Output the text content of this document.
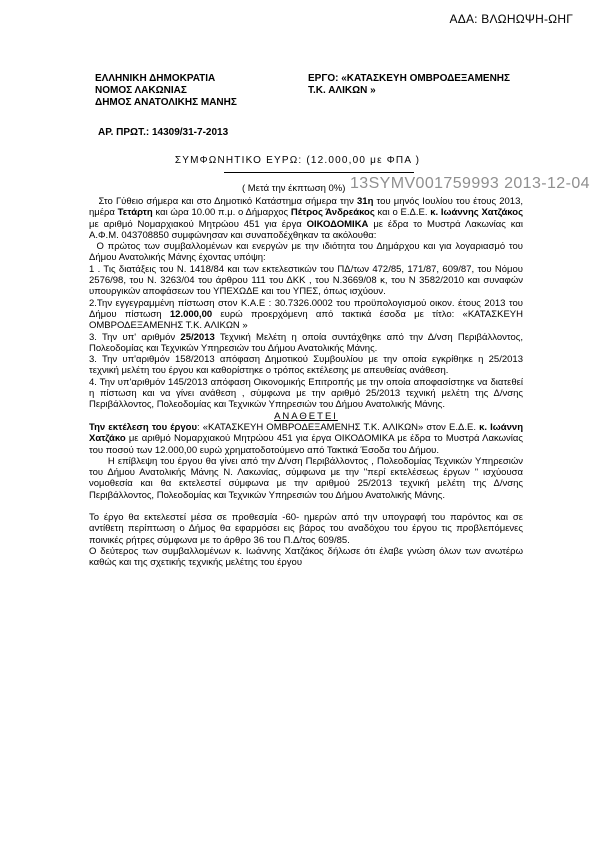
ΑΔΑ: ΒΛΩΗΩΨΗ-ΩΗΓ
ΕΛΛΗΝΙΚΗ ΔΗΜΟΚΡΑΤΙΑ
ΝΟΜΟΣ ΛΑΚΩΝΙΑΣ
ΔΗΜΟΣ ΑΝΑΤΟΛΙΚΗΣ ΜΑΝΗΣ
ΕΡΓΟ: «ΚΑΤΑΣΚΕΥΗ ΟΜΒΡΟΔΕΞΑΜΕΝΗΣ
Τ.Κ. ΑΛΙΚΩΝ »
ΑΡ. ΠΡΩΤ.: 14309/31-7-2013
ΣΥΜΦΩΝΗΤΙΚΟ ΕΥΡΩ: (12.000,00 με ΦΠΑ )
( Μετά την έκπτωση 0%) 13SYMV001759993 2013-12-04

Στο Γύθειο σήμερα και στο Δημοτικό Κατάστημα σήμερα την 31η του μηνός Ιουλίου του έτους 2013, ημέρα Τετάρτη και ώρα 10.00 π.μ. ο Δήμαρχος Πέτρος Άνδρεάκος και ο Ε.Δ.Ε. κ. Ιωάννης Χατζάκος με αριθμό Νομαρχιακού Μητρώου 451 για έργα ΟΙΚΟΔΟΜΙΚΑ με έδρα το Μυστρά Λακωνίας και Α.Φ.Μ. 043708850 συμφώνησαν και συναποδέχθηκαν τα ακόλουθα:

O πρώτος των συμβαλλομένων και ενεργών με την ιδιότητα του Δημάρχου και για λογαριασμό του Δήμου Ανατολικής Μάνης έχοντας υπόψη:

1 . Τις διατάξεις του Ν. 1418/84 και των εκτελεστικών του ΠΔ/των 472/85, 171/87, 609/87, του Νόμου 2576/98, του Ν. 3263/04 του άρθρου 111 του ΔΚΚ , του Ν.3669/08 κ, του Ν 3582/2010 και συναφών υπουργικών αποφάσεων του ΥΠΕΧΩΔΕ και του ΥΠΕΣ, όπως ισχύουν.

2.Την εγγεγραμμένη πίστωση στον Κ.Α.Ε : 30.7326.0002 του προϋπολογισμού οικον. έτους 2013 του Δήμου πίστωση 12.000,00 ευρώ προερχόμενη από τακτικά έσοδα με τίτλο: «ΚΑΤΑΣΚΕΥΗ ΟΜΒΡΟΔΕΞΑΜΕΝΗΣ Τ.Κ. ΑΛΙΚΩΝ »

3. Την υπ' αριθμόν 25/2013 Τεχνική Μελέτη η οποία συντάχθηκε από την Δ/νση Περιβάλλοντος, Πολεοδομίας και Τεχνικών Υπηρεσιών του Δήμου Ανατολικής Μάνης.

3. Την υπ'αριθμόν 158/2013 απόφαση Δημοτικού Συμβουλίου με την οποία εγκρίθηκε η 25/2013 τεχνική μελέτη του έργου και καθορίστηκε ο τρόπος εκτέλεσης με απευθείας ανάθεση.

4. Την υπ'αριθμόν 145/2013 απόφαση Οικονομικής Επιτροπής με την οποία αποφασίστηκε να διατεθεί η πίστωση και να γίνει ανάθεση , σύμφωνα με την αριθμό 25/2013 τεχνική μελέτη της Δ/νσης Περιβάλλοντος, Πολεοδομίας και Τεχνικών Υπηρεσιών του Δήμου Ανατολικής Μάνης.

ΑΝΑΘΕΤΕΙ

Την εκτέλεση του έργου: «ΚΑΤΑΣΚΕΥΗ ΟΜΒΡΟΔΕΞΑΜΕΝΗΣ Τ.Κ. ΑΛΙΚΩΝ» στον Ε.Δ.Ε. κ. Ιωάννη Χατζάκο με αριθμό Νομαρχιακού Μητρώου 451 για έργα ΟΙΚΟΔΟΜΙΚΑ με έδρα το Μυστρά Λακωνίας του ποσού των 12.000,00 ευρώ χρηματοδοτούμενο από Τακτικά Έσοδα του Δήμου.

Η επίβλεψη του έργου θα γίνει από την Δ/νση Περιβάλλοντος , Πολεοδομίας Τεχνικών Υπηρεσιών του Δήμου Ανατολικής Μάνης Ν. Λακωνίας, σύμφωνα με την ''περί εκτελέσεως έργων '' ισχύουσα νομοθεσία και θα εκτελεστεί σύμφωνα με την αριθμού 25/2013 τεχνική μελέτη της Δ/νσης Περιβάλλοντος, Πολεοδομίας και Τεχνικών Υπηρεσιών του Δήμου Ανατολικής Μάνης.

Το έργο θα εκτελεστεί μέσα σε προθεσμία -60- ημερών από την υπογραφή του παρόντος και σε αντίθετη περίπτωση ο Δήμος θα εφαρμόσει εις βάρος του αναδόχου του έργου τις προβλεπόμενες ποινικές ρήτρες σύμφωνα με το άρθρο 36 του Π.Δ/τος 609/85.

Ο δεύτερος των συμβαλλομένων κ. Ιωάννης Χατζάκος δήλωσε ότι έλαβε γνώση όλων των ανωτέρω καθώς και της σχετικής τεχνικής μελέτης του έργου
